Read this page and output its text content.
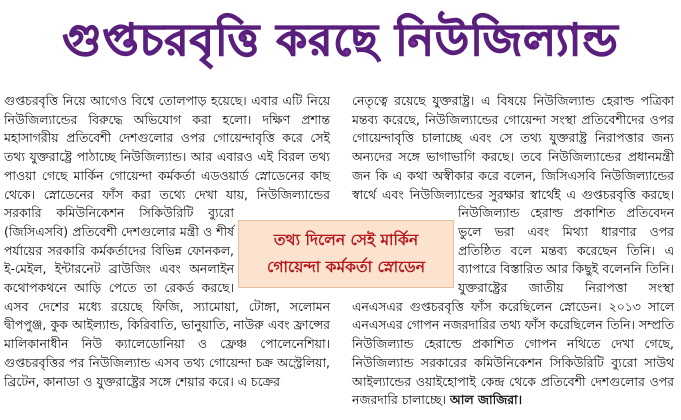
গুপ্তচরবৃত্তি করছে নিউজিল্যান্ড

গুপ্তচরবৃত্তি নিয়ে আগেও বিশ্বে তোলপাড় হয়েছে। এবার এটি নিয়ে নিউজিল্যান্ডের বিরুদ্ধে অভিযোগ করা হলো। দক্ষিণ প্রশান্ত মহাসাগরীয় প্রতিবেশী দেশগুলোর ওপর গোয়েন্দাবৃত্তি করে সেই তথ্য যুক্তরাষ্ট্রে পাঠাচ্ছে নিউজিল্যান্ড। আর এবারও এই বিরল তথ্য পাওয়া গেছে মার্কিন গোয়েন্দা কর্মকর্তা এডওয়ার্ড স্নোডেনের কাছ থেকে। স্নোডেনের ফাঁস করা তথ্যে দেখা যায়, নিউজিল্যান্ডের সরকারি কমিউনিকেশন সিকিউরিটি ব্যুরো (জিসিএসবি) প্রতিবেশী দেশগুলোর মন্ত্রী ও শীর্ষ পর্যায়ের সরকারি কর্মকর্তাদের বিভিন্ন ফোনকল, ই-মেইল, ইন্টারনেট ব্রাউজিং এবং অনলাইন কথোপকথনে আড়ি পেতে তা রেকর্ড করছে। এসব দেশের মধ্যে রয়েছে ফিজি, স্যামোয়া, টোঙ্গা, সলোমন দ্বীপপুঞ্জ, কুক আইল্যান্ড, কিরিবাতি, ভানুয়াতি, নাউরু এবং ফ্রান্সের মালিকানাধীন নিউ ক্যালেডোনিয়া ও ফ্রেঞ্চ পোলেনেশিয়া। গুপ্তচরবৃত্তির পর নিউজিল্যান্ড এসব তথ্য গোয়েন্দা চক্র অস্ট্রেলিয়া, ব্রিটেন, কানাডা ও যুক্তরাষ্ট্রের সঙ্গে শেয়ার করে। এ চক্রের

নেতৃত্বে রয়েছে যুক্তরাষ্ট্র। এ বিষয়ে নিউজিল্যান্ড হেরাল্ড পত্রিকা মন্তব্য করেছে, নিউজিল্যান্ডের গোয়েন্দা সংস্থা প্রতিবেশীদের ওপর গোয়েন্দাবৃত্তি চালাচ্ছে এবং সে তথ্য যুক্তরাষ্ট্র নিরাপত্তার জন্য অন্যদের সঙ্গে ভাগাভাগি করছে। তবে নিউজিল্যান্ডের প্রধানমন্ত্রী জন কি এ কথা অস্বীকার করে বলেন, জিসিএসবি নিউজিল্যান্ডের স্বার্থে এবং নিউজিল্যান্ডের সুরক্ষার স্বার্থেই এ গুপ্তচরবৃত্তি করছে। নিউজিল্যান্ড হেরাল্ড প্রকাশিত প্রতিবেদন ভুলে ভরা এবং মিথ্যা ধারণার ওপর প্রতিষ্ঠিত বলে মন্তব্য করেছেন তিনি। এ ব্যাপারে বিস্তারিত আর কিছুই বলেননি তিনি। যুক্তরাষ্ট্রের জাতীয় নিরাপত্তা সংস্থা এনএসএর গুপ্তচরবৃত্তি ফাঁস করেছিলেন স্নোডেন। ২০১৩ সালে এনএসএর গোপন নজরদারির তথ্য ফাঁস করেছিলেন তিনি। সম্প্রতি নিউজিল্যান্ড হেরাল্ডে প্রকাশিত গোপন নথিতে দেখা গেছে, নিউজিল্যান্ড সরকারের কমিউনিকেশন সিকিউরিটি ব্যুরো সাউথ আইল্যান্ডের ওয়াইহোপাই কেন্দ্র থেকে প্রতিবেশী দেশগুলোর ওপর নজরদারি চালাচ্ছে। আল জাজিরা।

তথ্য দিলেন সেই মার্কিন
গোয়েন্দা কর্মকর্তা স্নোডেন
